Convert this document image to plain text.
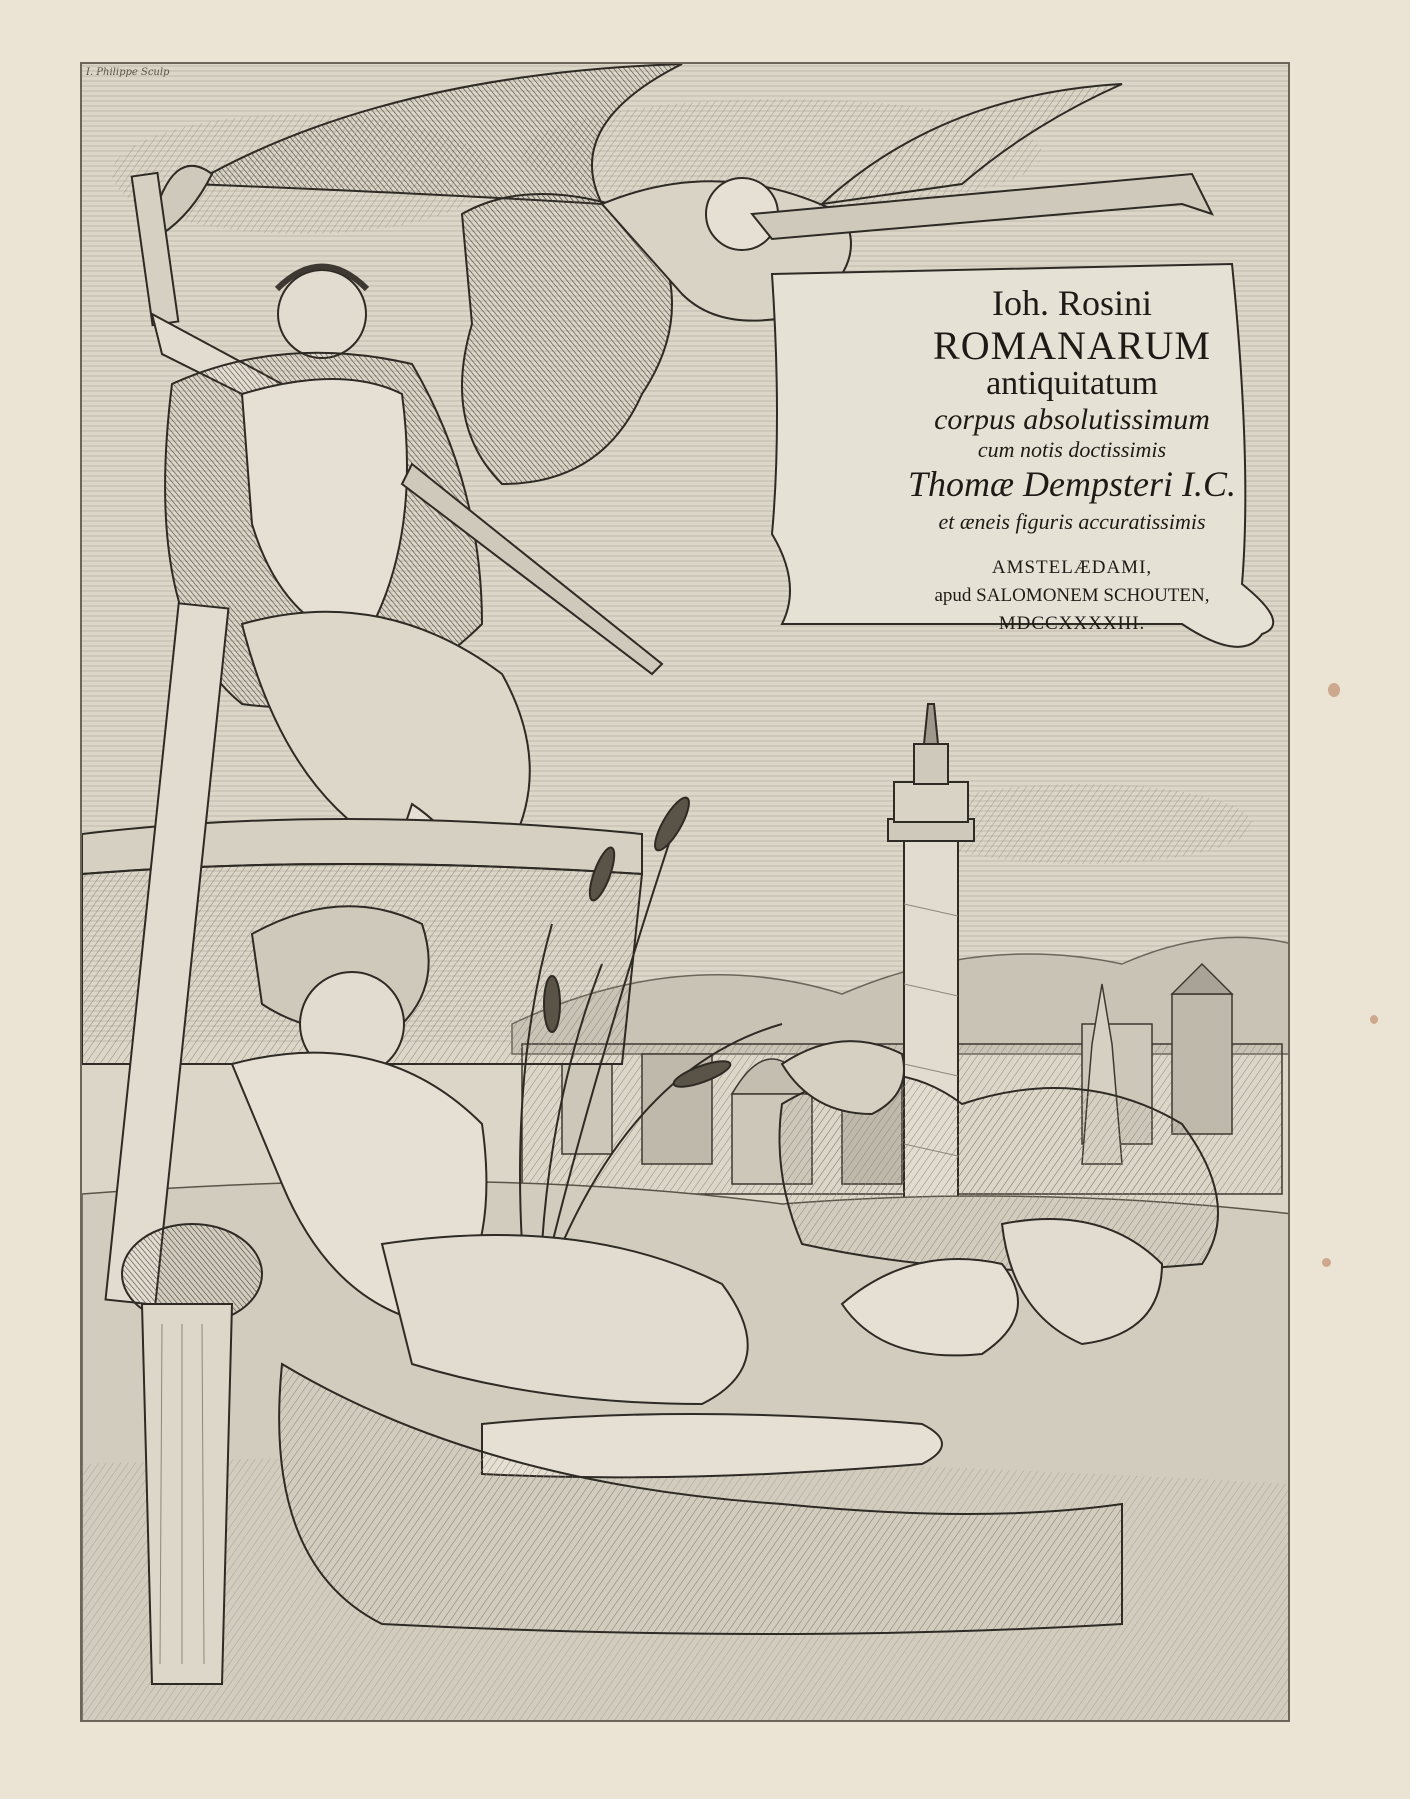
I. Philippe Sculp
Ioh. Rosini
ROMANARUM
antiquitatum
corpus absolutissimum
cum notis doctissimis
Thomæ Dempsteri I.C.
et æneis figuris accuratissimis
AMSTELÆDAMI,
apud SALOMONEM SCHOUTEN,
MDCCXXXXIII.
